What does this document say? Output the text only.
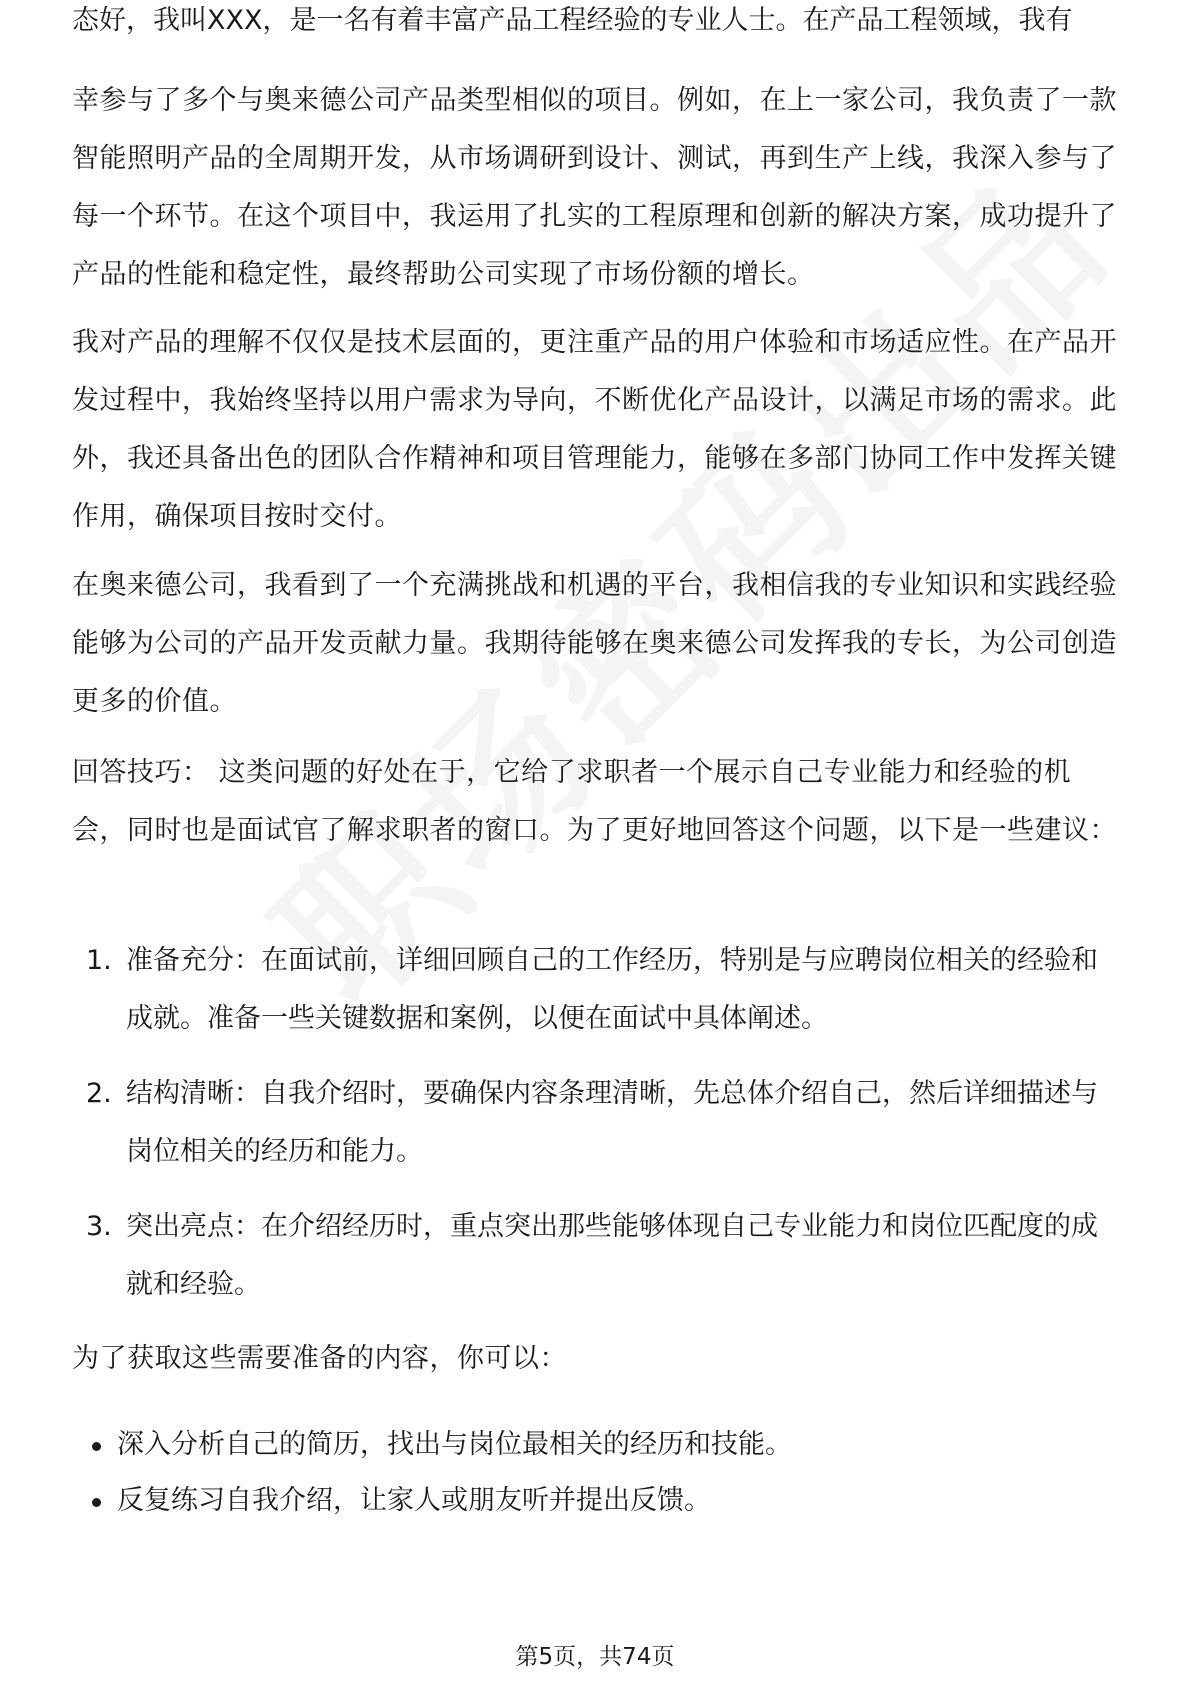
态好，我叫XXX，是一名有着丰富产品工程经验的专业人士。在产品工程领域，我有

幸参与了多个与奥来德公司产品类型相似的项目。例如，在上一家公司，我负责了一款智能照明产品的全周期开发，从市场调研到设计、测试，再到生产上线，我深入参与了每一个环节。在这个项目中，我运用了扎实的工程原理和创新的解决方案，成功提升了产品的性能和稳定性，最终帮助公司实现了市场份额的增长。

我对产品的理解不仅仅是技术层面的，更注重产品的用户体验和市场适应性。在产品开发过程中，我始终坚持以用户需求为导向，不断优化产品设计，以满足市场的需求。此外，我还具备出色的团队合作精神和项目管理能力，能够在多部门协同工作中发挥关键作用，确保项目按时交付。

在奥来德公司，我看到了一个充满挑战和机遇的平台，我相信我的专业知识和实践经验能够为公司的产品开发贡献力量。我期待能够在奥来德公司发挥我的专长，为公司创造更多的价值。

回答技巧： 这类问题的好处在于，它给了求职者一个展示自己专业能力和经验的机会，同时也是面试官了解求职者的窗口。为了更好地回答这个问题，以下是一些建议：

1. 准备充分：在面试前，详细回顾自己的工作经历，特别是与应聘岗位相关的经验和成就。准备一些关键数据和案例，以便在面试中具体阐述。
2. 结构清晰：自我介绍时，要确保内容条理清晰，先总体介绍自己，然后详细描述与岗位相关的经历和能力。
3. 突出亮点：在介绍经历时，重点突出那些能够体现自己专业能力和岗位匹配度的成就和经验。

为了获取这些需要准备的内容，你可以：

深入分析自己的简历，找出与岗位最相关的经历和技能。
反复练习自我介绍，让家人或朋友听并提出反馈。
第5页，共74页
